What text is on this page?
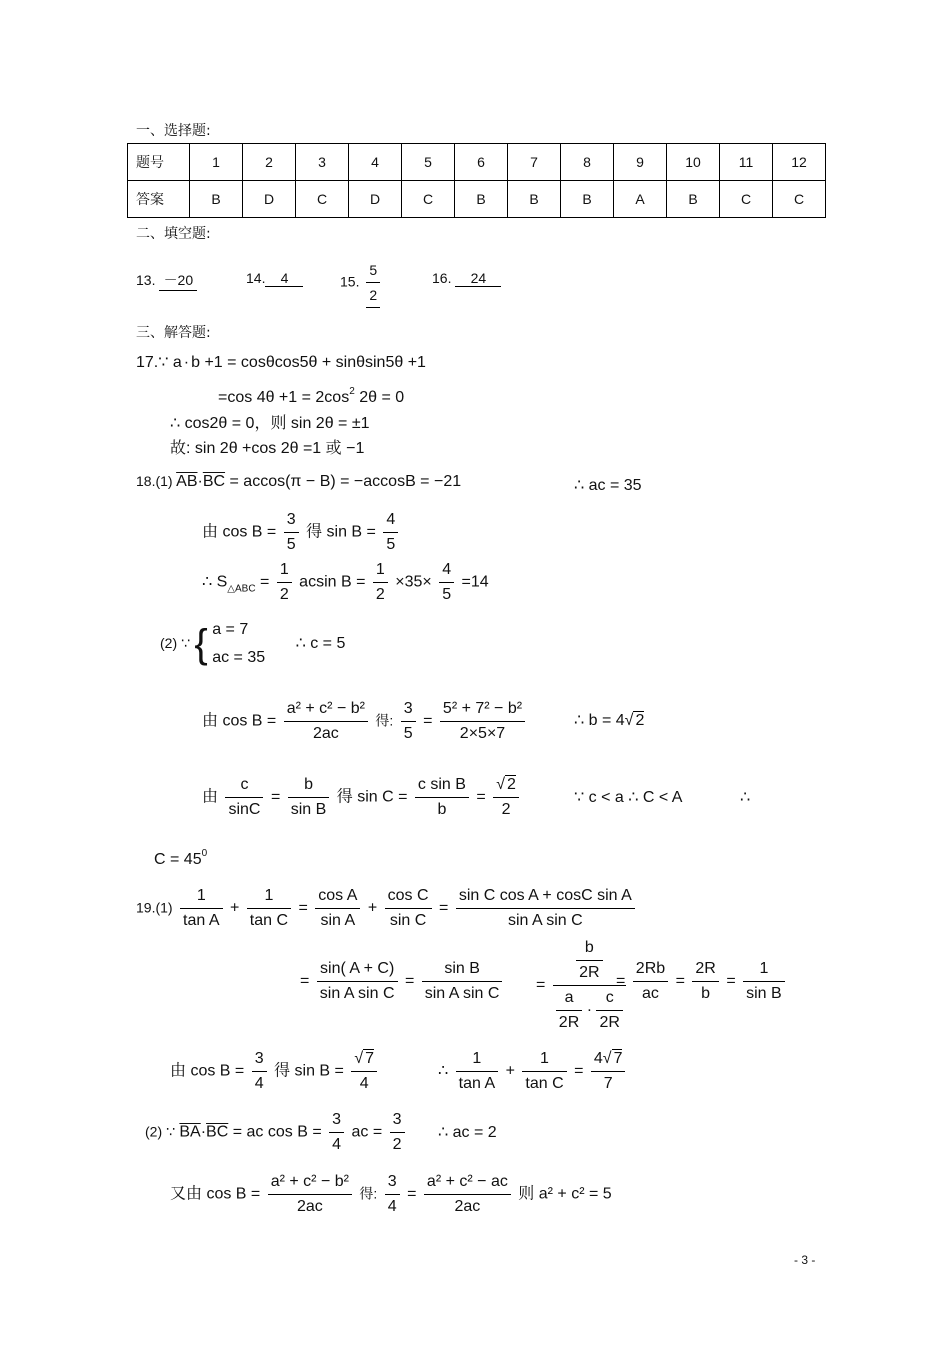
一、选择题:
题号	1	2	3	4	5	6	7	8	9	10	11	12
答案	B	D	C	D	C	B	B	B	A	B	C	C
二、填空题:
13. －20	14. 4	15. $\frac{5}{2}$	16. 24
三、解答题:
17.∵ a · b +1 = cosθcos5θ + sinθsin5θ +1
=cos $4\theta +1 = 2\cos^2$ 2θ = 0
∴ cos2θ = 0，则 sin 2θ = ±1
故: sin 2θ +cos 2θ =1 或 −1
18.(1) $\overline{AB}\cdot\overline{BC} = accos(\pi - B) = -accosB = -21$	∴ ac = 35
由 $\cos B = \frac{3}{5}$ 得 $\sin B = \frac{4}{5}$
∴ $S_{\triangle ABC} = \frac{1}{2}$ acsin $B = \frac{1}{2} \times 35\times \frac{4}{5} =14$
(2) ∵ { a = 7
ac = 35
∴ c = 5
由 $\cos B = \frac{\text{a² + c² − b²}}{2ac}$ 得: $\frac{3}{5} = \frac{\text{5² + 7² − b²}}{2\times 5\times 7}$	∴ b = 4√ 2
由 $\frac{c}{\sin C} = \frac{b}{\text{sin B}}$ 得 $\sin C = \frac{\text{c sin B}}{b} = \frac{√ 2}{2}$	∵ c < a ∴ C < A	∴
$C = 45^0$
$19.(1) \frac{1}{\text{tan A}} + \frac{1}{\text{tan C}} = \frac{\text{cos A}}{\text{sin A}} + \frac{\text{cos C}}{\text{sin C}} = \frac{\text{sin C cos A + cosC sin A}}{\text{sin A sin C}}$
= $\frac{\sin( A + C)}{\text{sin A sin C}} = \frac{\text{sin B}}{\text{sin A sin C}} = \frac{\frac{b}{2R}}{\frac{a}{2R} \cdot \frac{c}{2R}}$
= $\frac{2Rb}{ac} = \frac{2R}{b} = \frac{1}{\text{sin B}}$
由 $\cos B = \frac{3}{4}$ 得 $\sin B = \frac{√ 7}{4}$	∴ $\frac{1}{\text{tan A}} + \frac{1}{\text{tan C}} = \frac{4√ 7}{7}$
(2) ∵ $\overline{BA}\cdot\overline{BC}$ = ac $\cos B = \frac{3}{4}$ ac = $\frac{3}{2}$ ∴ ac = 2
又由 $\cos B = \frac{\text{a² + c² − b²}}{2ac}$ 得: $\frac{3}{4} = \frac{\text{a² + c² − ac}}{2ac}$ 则 a² + c² = 5
- 3 -
